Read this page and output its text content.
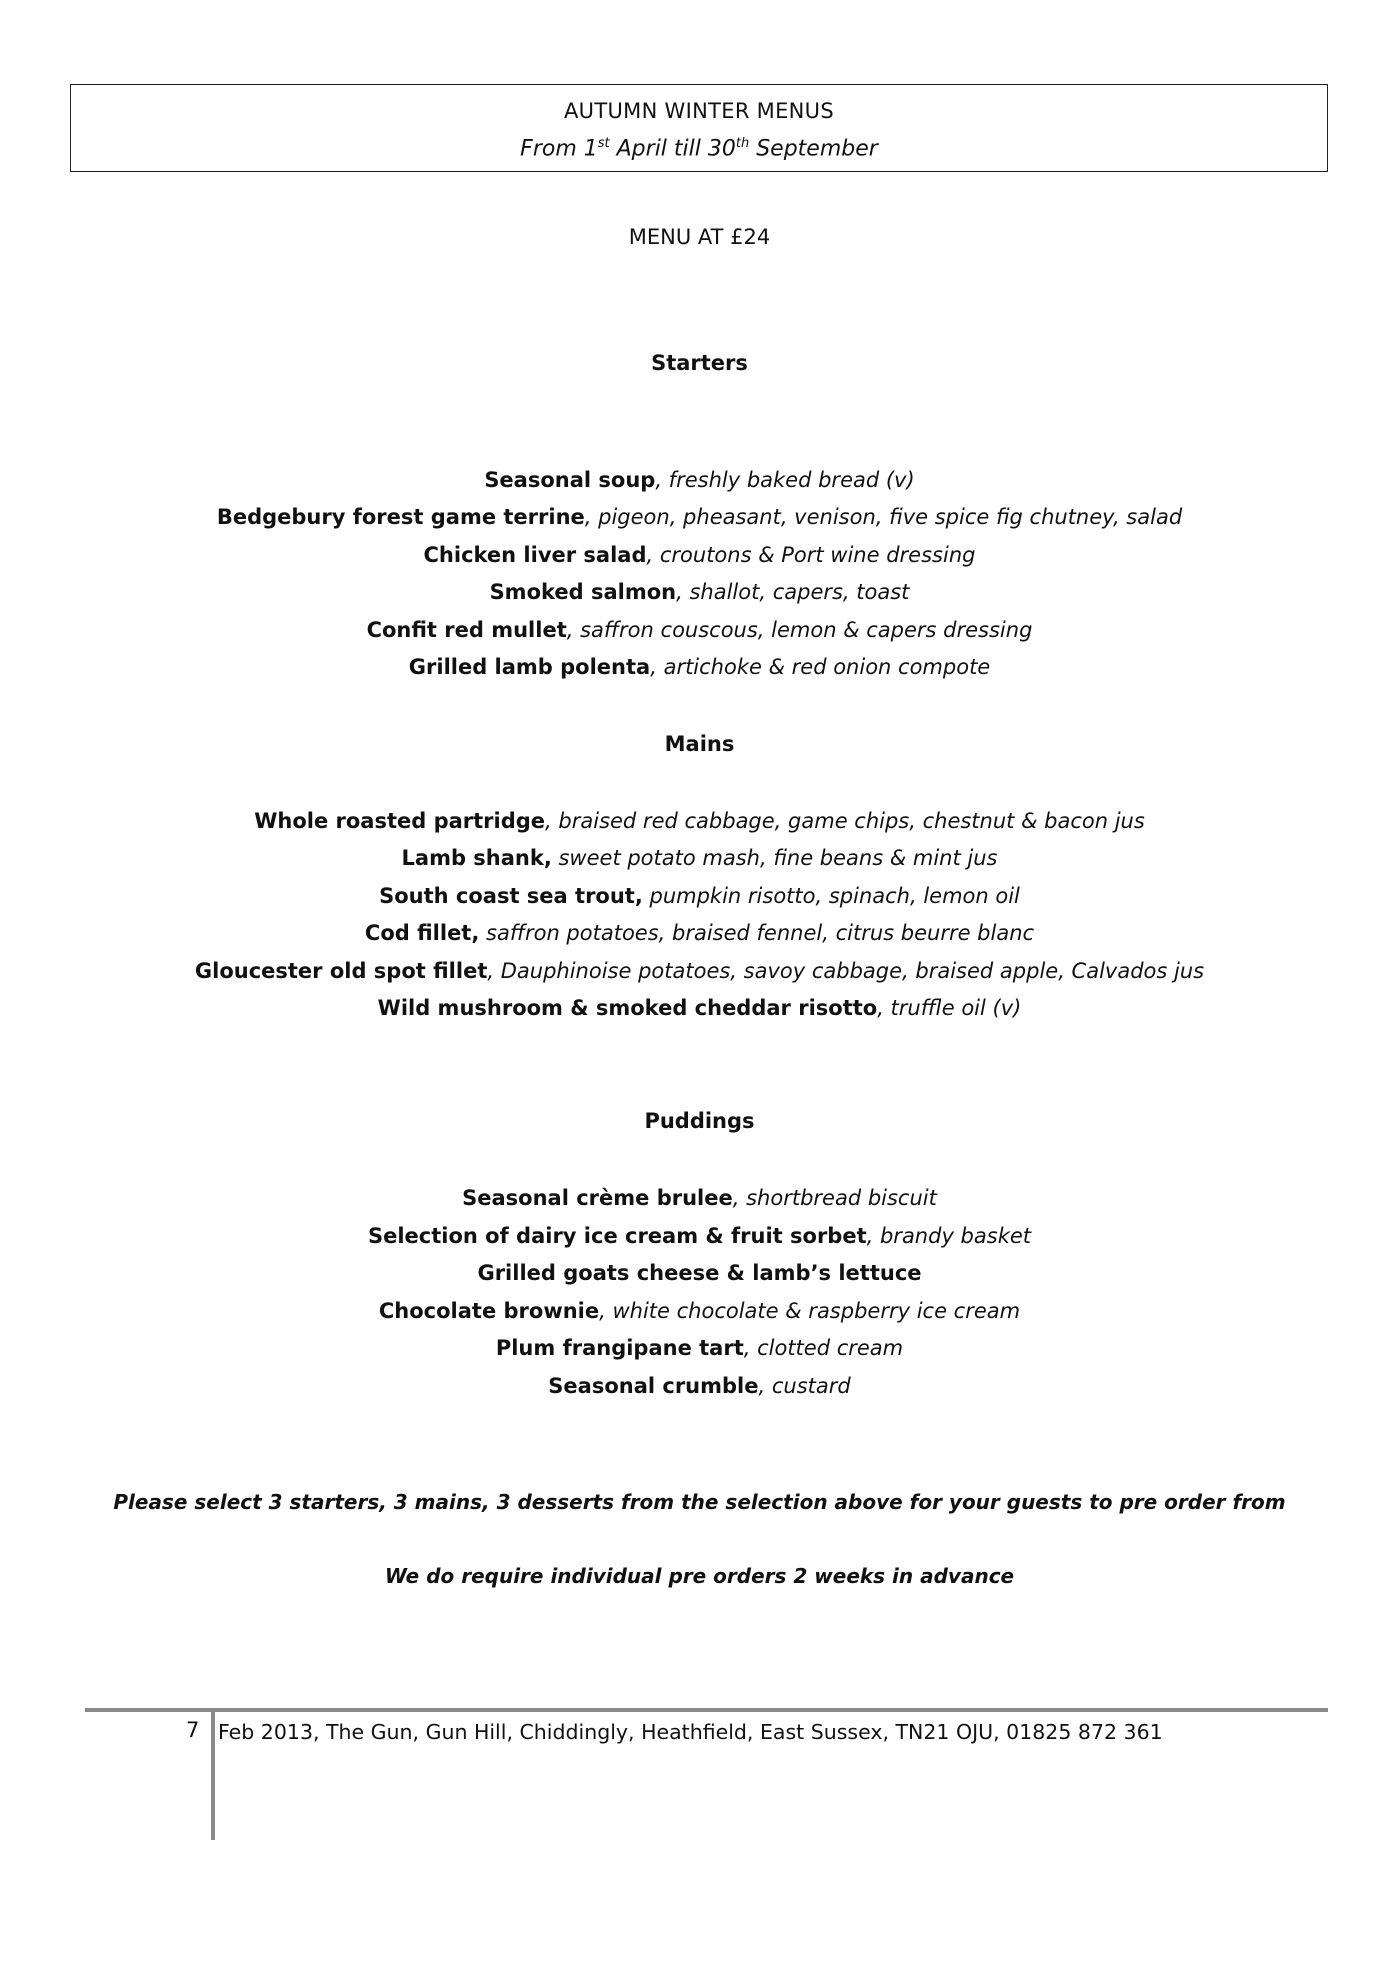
AUTUMN WINTER MENUS
From 1st April till 30th September
MENU AT £24
Starters
Seasonal soup, freshly baked bread (v)
Bedgebury forest game terrine, pigeon, pheasant, venison, five spice fig chutney, salad
Chicken liver salad, croutons & Port wine dressing
Smoked salmon, shallot, capers, toast
Confit red mullet, saffron couscous, lemon & capers dressing
Grilled lamb polenta, artichoke & red onion compote
Mains
Whole roasted partridge, braised red cabbage, game chips, chestnut & bacon jus
Lamb shank, sweet potato mash, fine beans & mint jus
South coast sea trout, pumpkin risotto, spinach, lemon oil
Cod fillet, saffron potatoes, braised fennel, citrus beurre blanc
Gloucester old spot fillet, Dauphinoise potatoes, savoy cabbage, braised apple, Calvados jus
Wild mushroom & smoked cheddar risotto, truffle oil (v)
Puddings
Seasonal crème brulee, shortbread biscuit
Selection of dairy ice cream & fruit sorbet, brandy basket
Grilled goats cheese & lamb’s lettuce
Chocolate brownie, white chocolate & raspberry ice cream
Plum frangipane tart, clotted cream
Seasonal crumble, custard
Please select 3 starters, 3 mains, 3 desserts from the selection above for your guests to pre order from
We do require individual pre orders 2 weeks in advance
7 Feb 2013, The Gun, Gun Hill, Chiddingly, Heathfield, East Sussex, TN21 OJU, 01825 872 361
